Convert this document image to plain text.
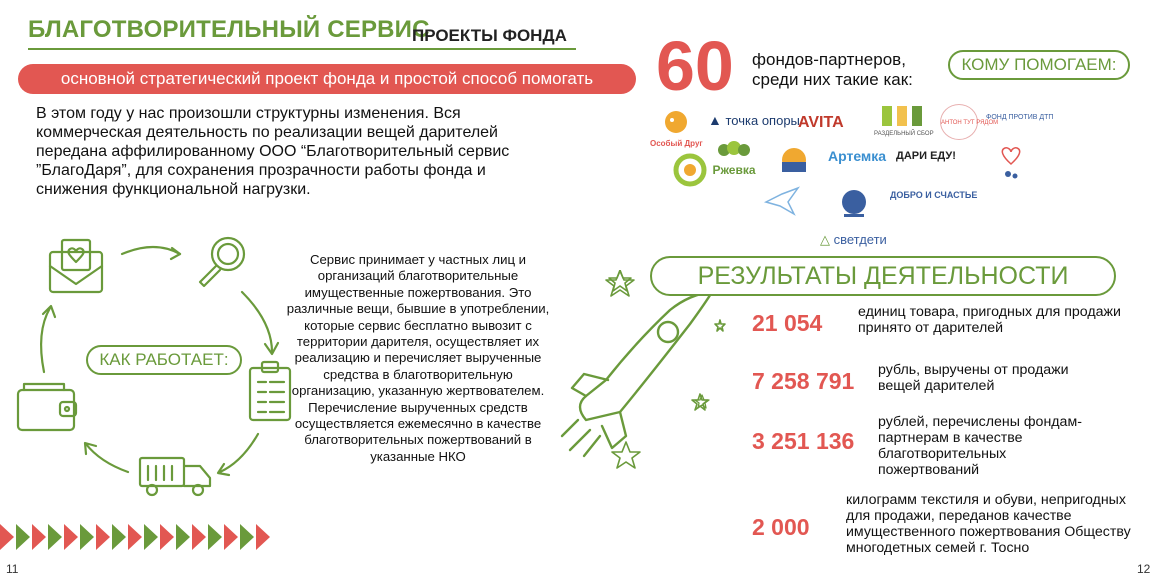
БЛАГОТВОРИТЕЛЬНЫЙ СЕРВИС
ПРОЕКТЫ ФОНДА
основной стратегический проект фонда и простой способ помогать
В этом году у нас произошли структурны изменения. Вся коммерческая деятельность по реализации вещей дарителей передана аффилированному ООО “Благотворительный сервис ”БлагоДаря”, для сохранения прозрачности работы фонда и снижения функциональной нагрузки.
КАК РАБОТАЕТ:
Сервис принимает у частных лиц и организаций благотворительные имущественные пожертвования. Это различные вещи, бывшие в употреблении, которые сервис бесплатно вывозит с территории дарителя, осуществляет их реализацию и перечисляет вырученные средства в благотворительную организацию, указанную жертвователем. Перечисление вырученных средств осуществляется ежемесячно в качестве благотворительных пожертвований в указанные НКО
60 фондов-партнеров, среди них такие как:
КОМУ ПОМОГАЕМ:
Особый Друг
▲ точка опоры
AVITA
РАЗДЕЛЬНЫЙ СБОР
АНТОН ТУТ РЯДОМ
ФОНД ПРОТИВ ДТП
Ржевка
Артемка ДАРИ ЕДУ!
ДОБРО И СЧАСТЬЕ
△ светдети
РЕЗУЛЬТАТЫ ДЕЯТЕЛЬНОСТИ
21 054	единиц товара, пригодных для продажи принято от дарителей
7 258 791 рубль, выручены от продажи вещей дарителей
3 251 136
рублей, перечислены фондам-партнерам в качестве благотворительных пожертвований
2 000
килограмм текстиля и обуви, непригодных для продажи, переданов качестве имущественного пожертвования Обществу многодетных семей г. Тосно
11	12
